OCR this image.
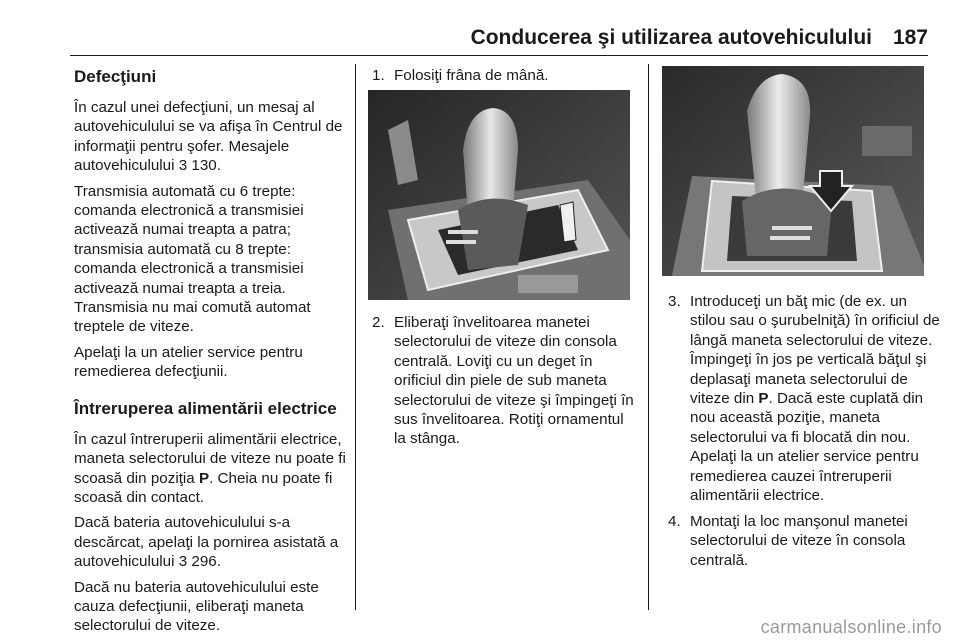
Conducerea şi utilizarea autovehiculului 187
Defecţiuni

În cazul unei defecţiuni, un mesaj al autovehiculului se va afişa în Centrul de informaţii pentru şofer. Mesajele autovehiculului 3 130.

Transmisia automată cu 6 trepte: comanda electronică a transmisiei activează numai treapta a patra; transmisia automată cu 8 trepte: comanda electronică a transmisiei activează numai treapta a treia. Transmisia nu mai comută automat treptele de viteze.

Apelaţi la un atelier service pentru remedierea defecţiunii.

Întreruperea alimentării electrice

În cazul întreruperii alimentării electrice, maneta selectorului de viteze nu poate fi scoasă din poziţia P. Cheia nu poate fi scoasă din contact.

Dacă bateria autovehiculului s-a descărcat, apelaţi la pornirea asistată a autovehiculului 3 296.

Dacă nu bateria autovehiculului este cauza defecţiunii, eliberaţi maneta selectorului de viteze.

1. Folosiţi frâna de mână.
2. Eliberaţi învelitoarea manetei selectorului de viteze din consola centrală. Loviţi cu un deget în orificiul din piele de sub maneta selectorului de viteze şi împingeţi în sus învelitoarea. Rotiţi ornamentul la stânga.
3. Introduceţi un băţ mic (de ex. un stilou sau o şurubelniţă) în orificiul de lângă maneta selectorului de viteze. Împingeţi în jos pe verticală băţul şi deplasaţi maneta selectorului de viteze din P. Dacă este cuplată din nou această poziţie, maneta selectorului va fi blocată din nou. Apelaţi la un atelier service pentru remedierea cauzei întreruperii alimentării electrice.
4. Montaţi la loc manşonul manetei selectorului de viteze în consola centrală.
carmanualsonline.info
